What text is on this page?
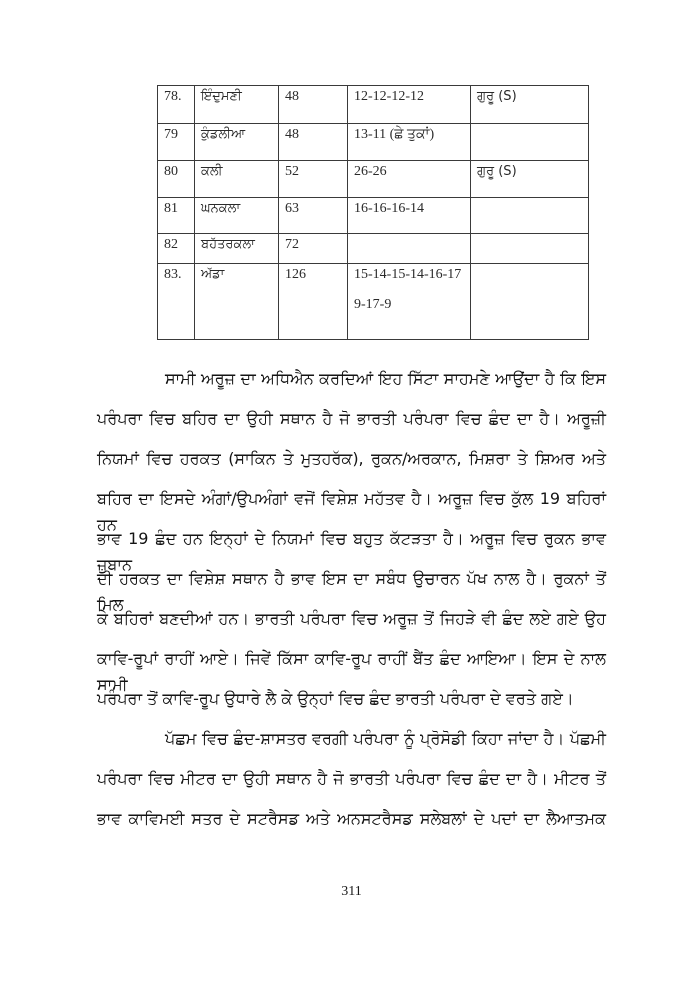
78.	ਇੰਦੁਮਣੀ	48	12-12-12-12	ਗੁਰੂ (S)
79	ਕੁੰਡਲੀਆ	48	13-11 (ਛੇ ਤੁਕਾਂ)	

80	ਕਲੀ	52	26-26	ਗੁਰੂ (S)
81	ਘਨਕਲਾ	63	16-16-16-14	

82	ਬਹੱਤਰਕਲਾ	72		
83.	ਅੱਡਾ	126	15-14-15-14-16-17
9-17-9	

ਸਾਮੀ ਅਰੂਜ਼ ਦਾ ਅਧਿਐਨ ਕਰਦਿਆਂ ਇਹ ਸਿੱਟਾ ਸਾਹਮਣੇ ਆਉਂਦਾ ਹੈ ਕਿ ਇਸ
ਪਰੰਪਰਾ ਵਿਚ ਬਹਿਰ ਦਾ ਉਹੀ ਸਥਾਨ ਹੈ ਜੋ ਭਾਰਤੀ ਪਰੰਪਰਾ ਵਿਚ ਛੰਦ ਦਾ ਹੈ। ਅਰੂਜ਼ੀ
ਨਿਯਮਾਂ ਵਿਚ ਹਰਕਤ (ਸਾਕਿਨ ਤੇ ਮੁਤਹਰੱਕ), ਰੁਕਨ/ਅਰਕਾਨ, ਮਿਸ਼ਰਾ ਤੇ ਸ਼ਿਅਰ ਅਤੇ
ਬਹਿਰ ਦਾ ਇਸਦੇ ਅੰਗਾਂ/ਉਪਅੰਗਾਂ ਵਜੋਂ ਵਿਸ਼ੇਸ਼ ਮਹੱਤਵ ਹੈ। ਅਰੂਜ਼ ਵਿਚ ਕੁੱਲ 19 ਬਹਿਰਾਂ ਹਨ
ਭਾਵ 19 ਛੰਦ ਹਨ ਇਨ੍ਹਾਂ ਦੇ ਨਿਯਮਾਂ ਵਿਚ ਬਹੁਤ ਕੱਟੜਤਾ ਹੈ। ਅਰੂਜ਼ ਵਿਚ ਰੁਕਨ ਭਾਵ ਜ਼ੁਬਾਨ
ਦੀ ਹਰਕਤ ਦਾ ਵਿਸ਼ੇਸ਼ ਸਥਾਨ ਹੈ ਭਾਵ ਇਸ ਦਾ ਸਬੰਧ ਉਚਾਰਨ ਪੱਖ ਨਾਲ ਹੈ। ਰੁਕਨਾਂ ਤੋਂ ਮਿਲ
ਕੇ ਬਹਿਰਾਂ ਬਣਦੀਆਂ ਹਨ। ਭਾਰਤੀ ਪਰੰਪਰਾ ਵਿਚ ਅਰੂਜ਼ ਤੋਂ ਜਿਹੜੇ ਵੀ ਛੰਦ ਲਏ ਗਏ ਉਹ
ਕਾਵਿ-ਰੂਪਾਂ ਰਾਹੀਂ ਆਏ। ਜਿਵੇਂ ਕਿੱਸਾ ਕਾਵਿ-ਰੂਪ ਰਾਹੀਂ ਬੈਂਤ ਛੰਦ ਆਇਆ। ਇਸ ਦੇ ਨਾਲ ਸਾਮੀ
ਪਰੰਪਰਾ ਤੋਂ ਕਾਵਿ-ਰੂਪ ਉਧਾਰੇ ਲੈ ਕੇ ਉਨ੍ਹਾਂ ਵਿਚ ਛੰਦ ਭਾਰਤੀ ਪਰੰਪਰਾ ਦੇ ਵਰਤੇ ਗਏ।
ਪੱਛਮ ਵਿਚ ਛੰਦ-ਸ਼ਾਸਤਰ ਵਰਗੀ ਪਰੰਪਰਾ ਨੂੰ ਪ੍ਰੋਸੋਡੀ ਕਿਹਾ ਜਾਂਦਾ ਹੈ। ਪੱਛਮੀ
ਪਰੰਪਰਾ ਵਿਚ ਮੀਟਰ ਦਾ ਉਹੀ ਸਥਾਨ ਹੈ ਜੋ ਭਾਰਤੀ ਪਰੰਪਰਾ ਵਿਚ ਛੰਦ ਦਾ ਹੈ। ਮੀਟਰ ਤੋਂ
ਭਾਵ ਕਾਵਿਮਈ ਸਤਰ ਦੇ ਸਟਰੈਸਡ ਅਤੇ ਅਨਸਟਰੈਸਡ ਸਲੇਬਲਾਂ ਦੇ ਪਦਾਂ ਦਾ ਲੈਆਤਮਕ
311
